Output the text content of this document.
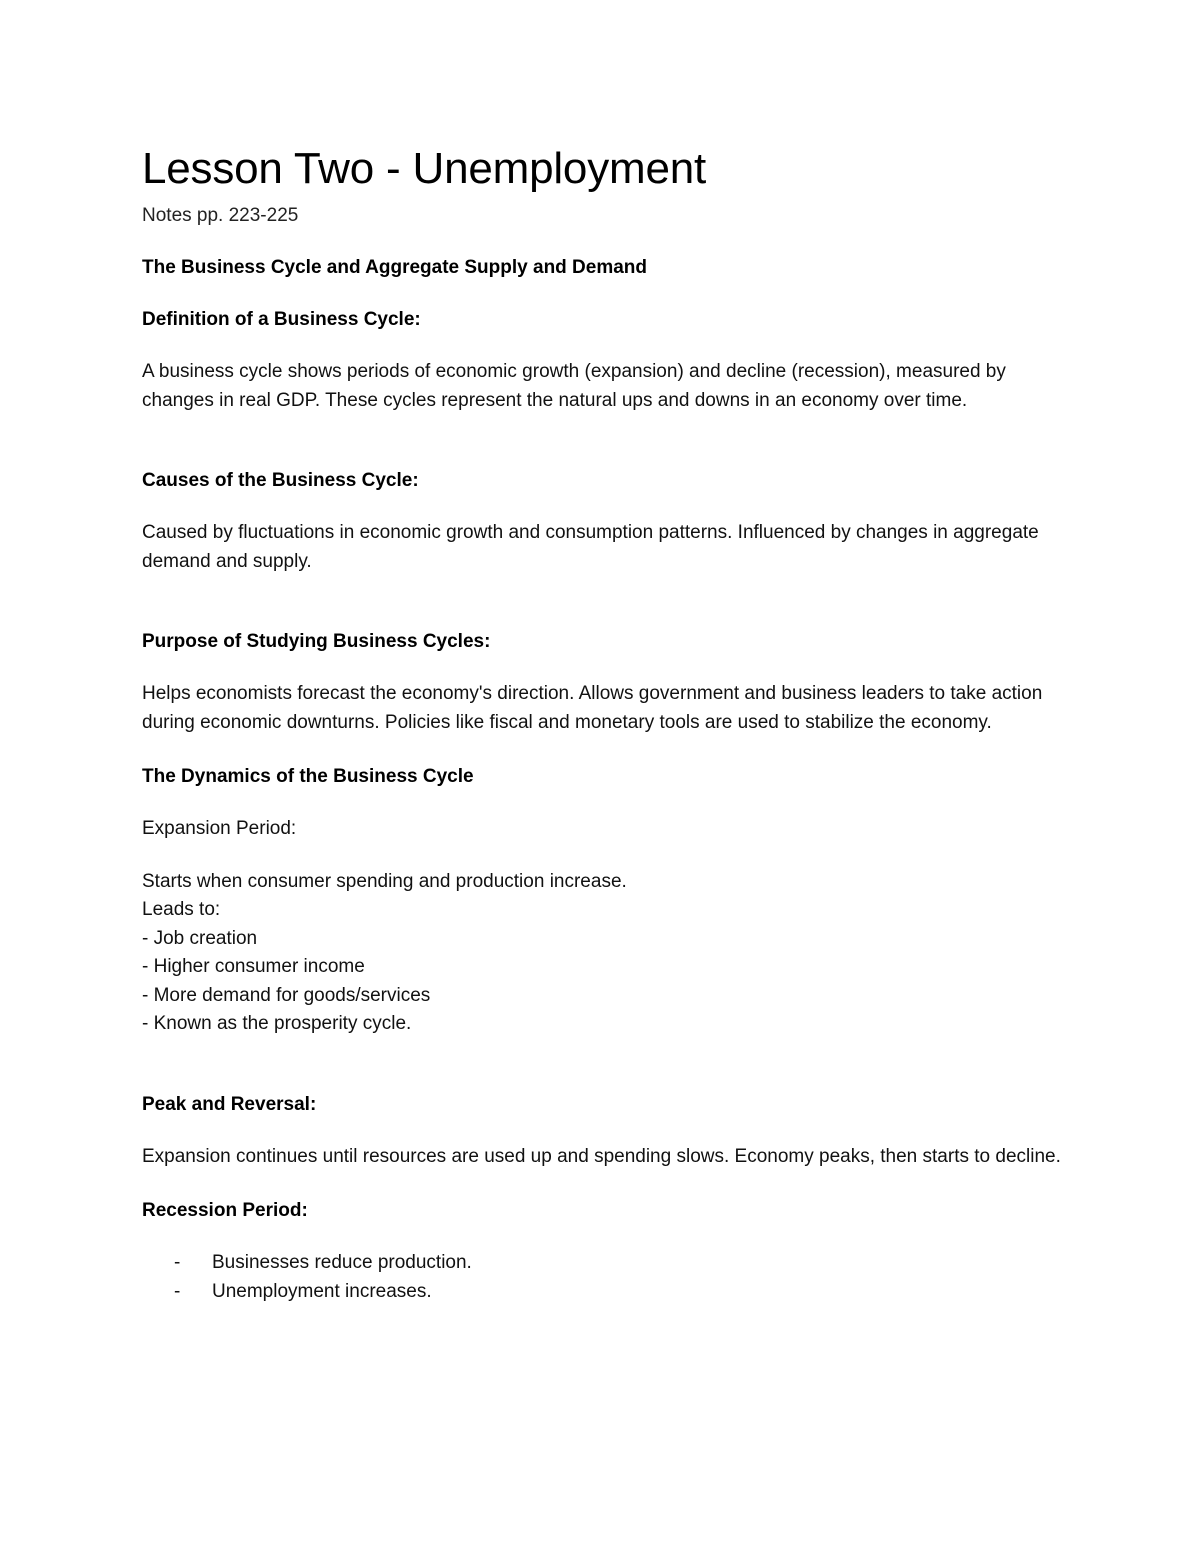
Lesson Two - Unemployment

Notes pp. 223-225

The Business Cycle and Aggregate Supply and Demand

Definition of a Business Cycle:

A business cycle shows periods of economic growth (expansion) and decline (recession), measured by changes in real GDP. These cycles represent the natural ups and downs in an economy over time.

Causes of the Business Cycle:

Caused by fluctuations in economic growth and consumption patterns. Influenced by changes in aggregate demand and supply.

Purpose of Studying Business Cycles:

Helps economists forecast the economy's direction. Allows government and business leaders to take action during economic downturns. Policies like fiscal and monetary tools are used to stabilize the economy.

The Dynamics of the Business Cycle

Expansion Period:

Starts when consumer spending and production increase.
Leads to:
- Job creation
- Higher consumer income
- More demand for goods/services
- Known as the prosperity cycle.

Peak and Reversal:

Expansion continues until resources are used up and spending slows. Economy peaks, then starts to decline.

Recession Period:

- Businesses reduce production.
- Unemployment increases.
